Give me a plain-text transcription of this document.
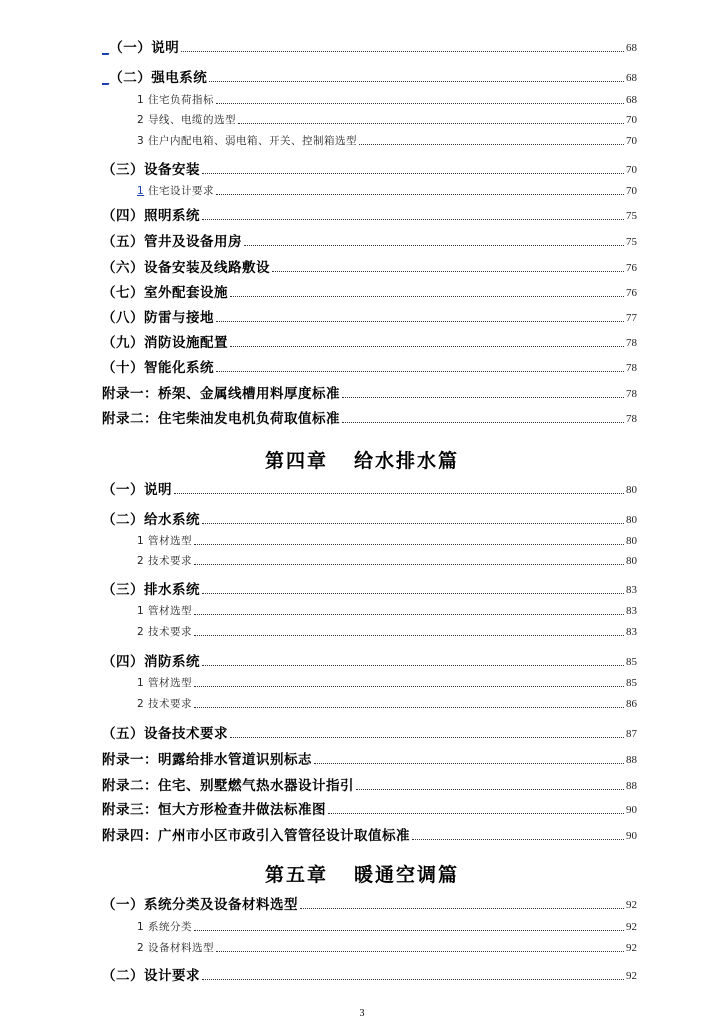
_（一）说明	68
_（二）强电系统	68
1 住宅负荷指标	68
2 导线、电缆的选型	70
3 住户内配电箱、弱电箱、开关、控制箱选型	70
（三）设备安装	70
1 住宅设计要求	70
（四）照明系统	75
（五）管井及设备用房	75
（六）设备安装及线路敷设	76
（七）室外配套设施	76
（八）防雷与接地	77
（九）消防设施配置	78
（十）智能化系统	78
附录一：桥架、金属线槽用料厚度标准	78
附录二：住宅柴油发电机负荷取值标准	78
第四章 给水排水篇
（一）说明	80
（二）给水系统	80
1 管材选型	80
2 技术要求	80
（三）排水系统	83
1 管材选型	83
2 技术要求	83
（四）消防系统	85
1 管材选型	85
2 技术要求	86
（五）设备技术要求	87
附录一：明露给排水管道识别标志	88
附录二：住宅、别墅燃气热水器设计指引	88
附录三：恒大方形检查井做法标准图	90
附录四：广州市小区市政引入管管径设计取值标准	90
第五章 暖通空调篇
（一）系统分类及设备材料选型	92
1 系统分类	92
2 设备材料选型	92
（二）设计要求	92
3
